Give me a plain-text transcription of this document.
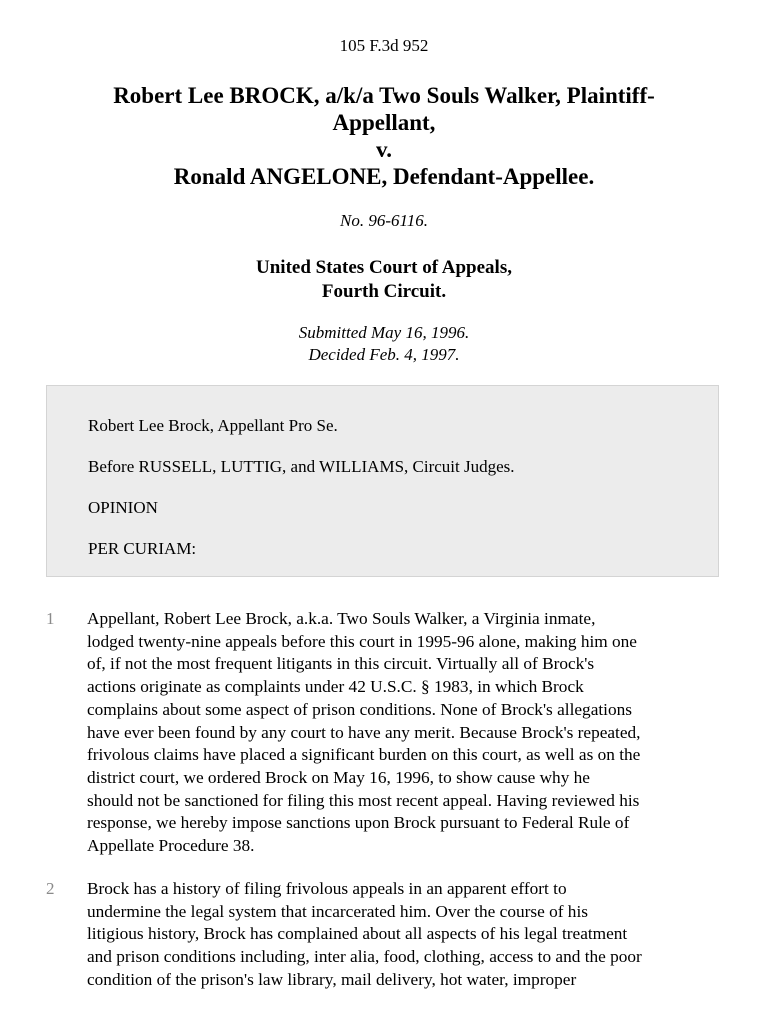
105 F.3d 952
Robert Lee BROCK, a/k/a Two Souls Walker, Plaintiff-
Appellant,
v.
Ronald ANGELONE, Defendant-Appellee.
No. 96-6116.
United States Court of Appeals,
Fourth Circuit.
Submitted May 16, 1996.
Decided Feb. 4, 1997.
Robert Lee Brock, Appellant Pro Se.
Before RUSSELL, LUTTIG, and WILLIAMS, Circuit Judges.
OPINION
PER CURIAM:
1 Appellant, Robert Lee Brock, a.k.a. Two Souls Walker, a Virginia inmate,
lodged twenty-nine appeals before this court in 1995-96 alone, making him one
of, if not the most frequent litigants in this circuit. Virtually all of Brock's
actions originate as complaints under 42 U.S.C. § 1983, in which Brock
complains about some aspect of prison conditions. None of Brock's allegations
have ever been found by any court to have any merit. Because Brock's repeated,
frivolous claims have placed a significant burden on this court, as well as on the
district court, we ordered Brock on May 16, 1996, to show cause why he
should not be sanctioned for filing this most recent appeal. Having reviewed his
response, we hereby impose sanctions upon Brock pursuant to Federal Rule of
Appellate Procedure 38.
2 Brock has a history of filing frivolous appeals in an apparent effort to
undermine the legal system that incarcerated him. Over the course of his
litigious history, Brock has complained about all aspects of his legal treatment
and prison conditions including, inter alia, food, clothing, access to and the poor
condition of the prison's law library, mail delivery, hot water, improper
